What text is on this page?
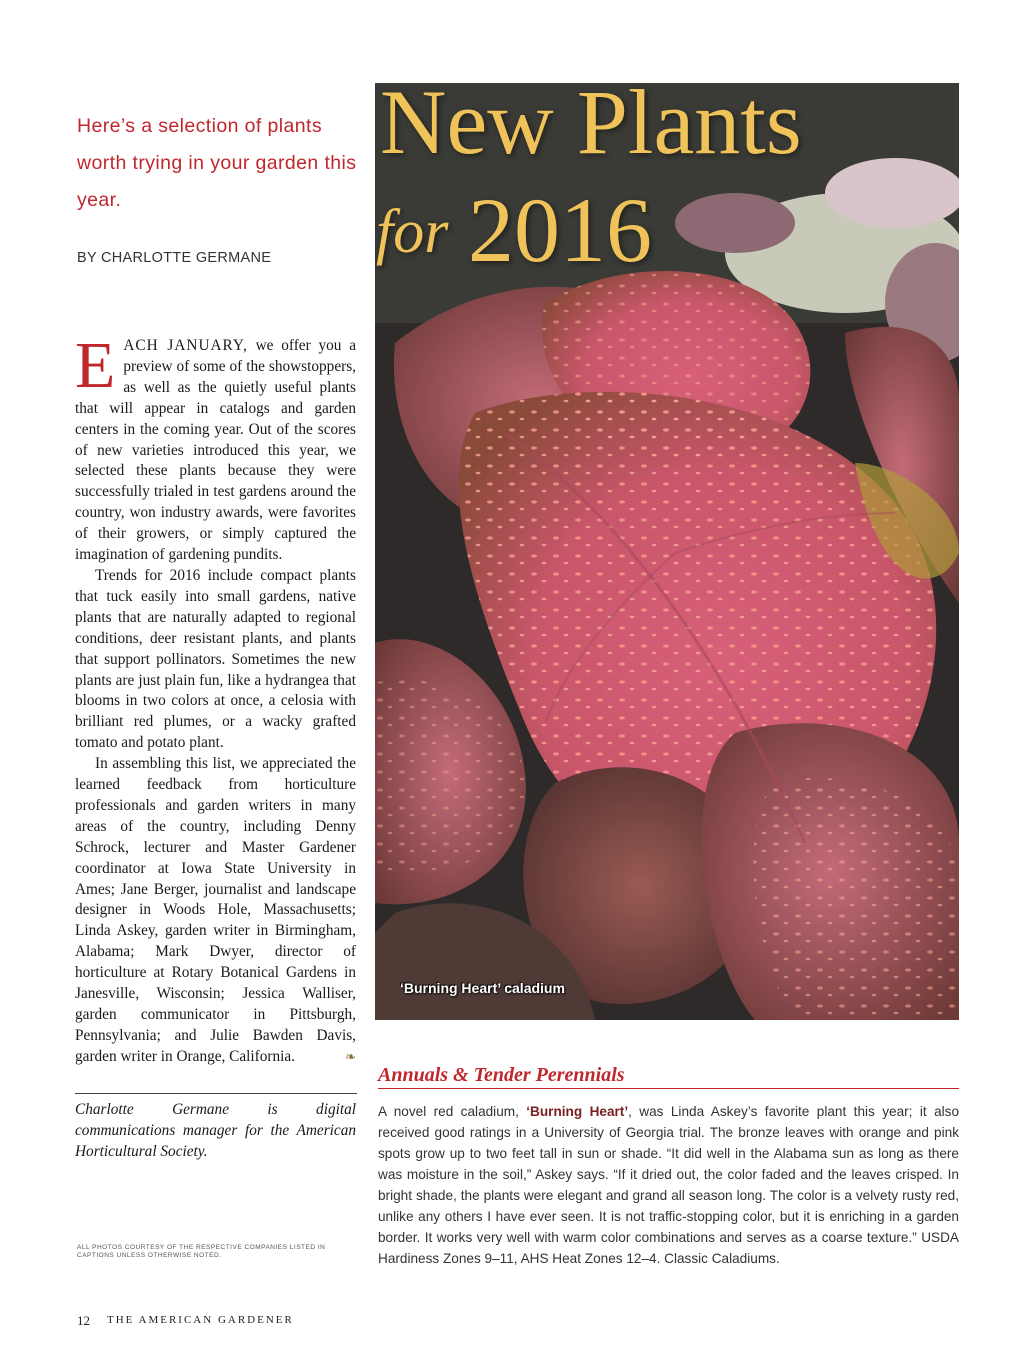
Here’s a selection of plants worth trying in your garden this year.
BY CHARLOTTE GERMANE

EACH JANUARY, we offer you a preview of some of the showstoppers, as well as the quietly useful plants that will appear in catalogs and garden centers in the coming year. Out of the scores of new varieties introduced this year, we selected these plants because they were successfully trialed in test gardens around the country, won industry awards, were favorites of their growers, or simply captured the imagination of gardening pundits.

Trends for 2016 include compact plants that tuck easily into small gardens, native plants that are naturally adapted to regional conditions, deer resistant plants, and plants that support pollinators. Sometimes the new plants are just plain fun, like a hydrangea that blooms in two colors at once, a celosia with brilliant red plumes, or a wacky grafted tomato and potato plant.

In assembling this list, we appreciated the learned feedback from horticulture professionals and garden writers in many areas of the country, including Denny Schrock, lecturer and Master Gardener coordinator at Iowa State University in Ames; Jane Berger, journalist and landscape designer in Woods Hole, Massachusetts; Linda Askey, garden writer in Birmingham, Alabama; Mark Dwyer, director of horticulture at Rotary Botanical Gardens in Janesville, Wisconsin; Jessica Walliser, garden communicator in Pittsburgh, Pennsylvania; and Julie Bawden Davis, garden writer in Orange, California.	❧

Charlotte Germane is digital communications manager for the American Horticultural Society.
ALL PHOTOS COURTESY OF THE RESPECTIVE COMPANIES LISTED IN CAPTIONS UNLESS OTHERWISE NOTED.
12 THE AMERICAN GARDENER
New Plants
for 2016
‘Burning Heart’ caladium
Annuals & Tender Perennials
A novel red caladium, ‘Burning Heart’, was Linda Askey’s favorite plant this year; it also received good ratings in a University of Georgia trial. The bronze leaves with orange and pink spots grow up to two feet tall in sun or shade. “It did well in the Alabama sun as long as there was moisture in the soil,” Askey says. “If it dried out, the color faded and the leaves crisped. In bright shade, the plants were elegant and grand all season long. The color is a velvety rusty red, unlike any others I have ever seen. It is not traffic-stopping color, but it is enriching in a garden border. It works very well with warm color combinations and serves as a coarse texture.” USDA Hardiness Zones 9–11, AHS Heat Zones 12–4. Classic Caladiums.
